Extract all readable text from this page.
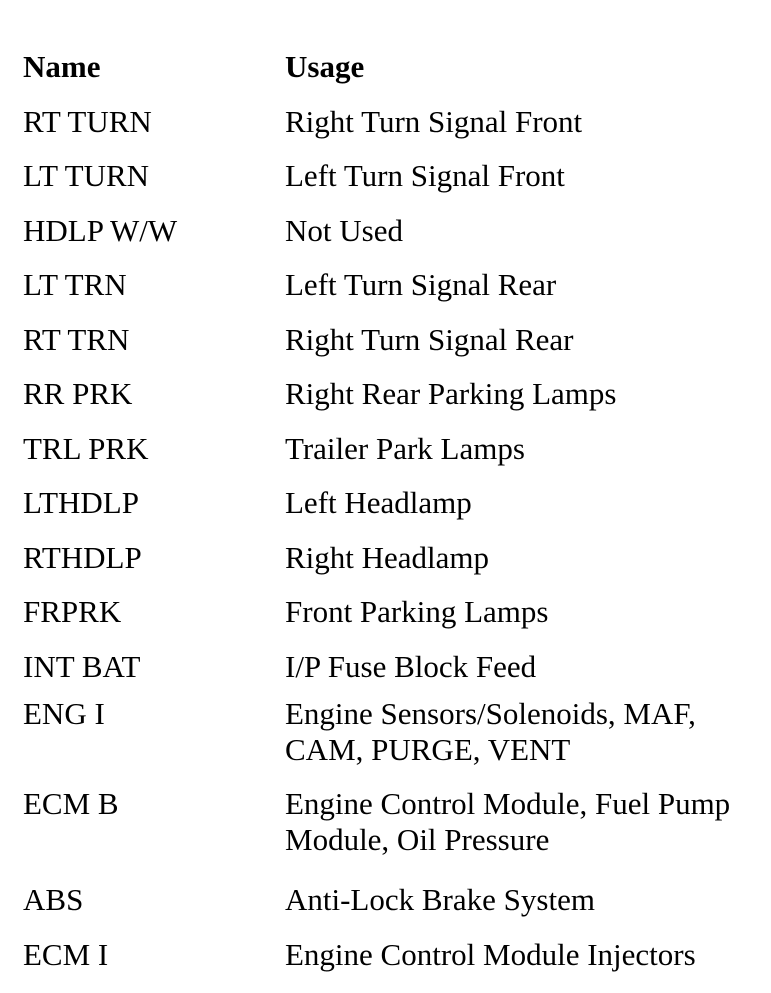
Name	Usage
RT TURN	Right Turn Signal Front
LT TURN	Left Turn Signal Front
HDLP W/W	Not Used
LT TRN	Left Turn Signal Rear
RT TRN	Right Turn Signal Rear
RR PRK	Right Rear Parking Lamps
TRL PRK	Trailer Park Lamps
LTHDLP	Left Headlamp
RTHDLP	Right Headlamp
FRPRK	Front Parking Lamps
INT BAT	I/P Fuse Block Feed
ENG I	Engine Sensors/Solenoids, MAF, CAM, PURGE, VENT
ECM B	Engine Control Module, Fuel Pump Module, Oil Pressure
ABS	Anti-Lock Brake System
ECM I	Engine Control Module Injectors
